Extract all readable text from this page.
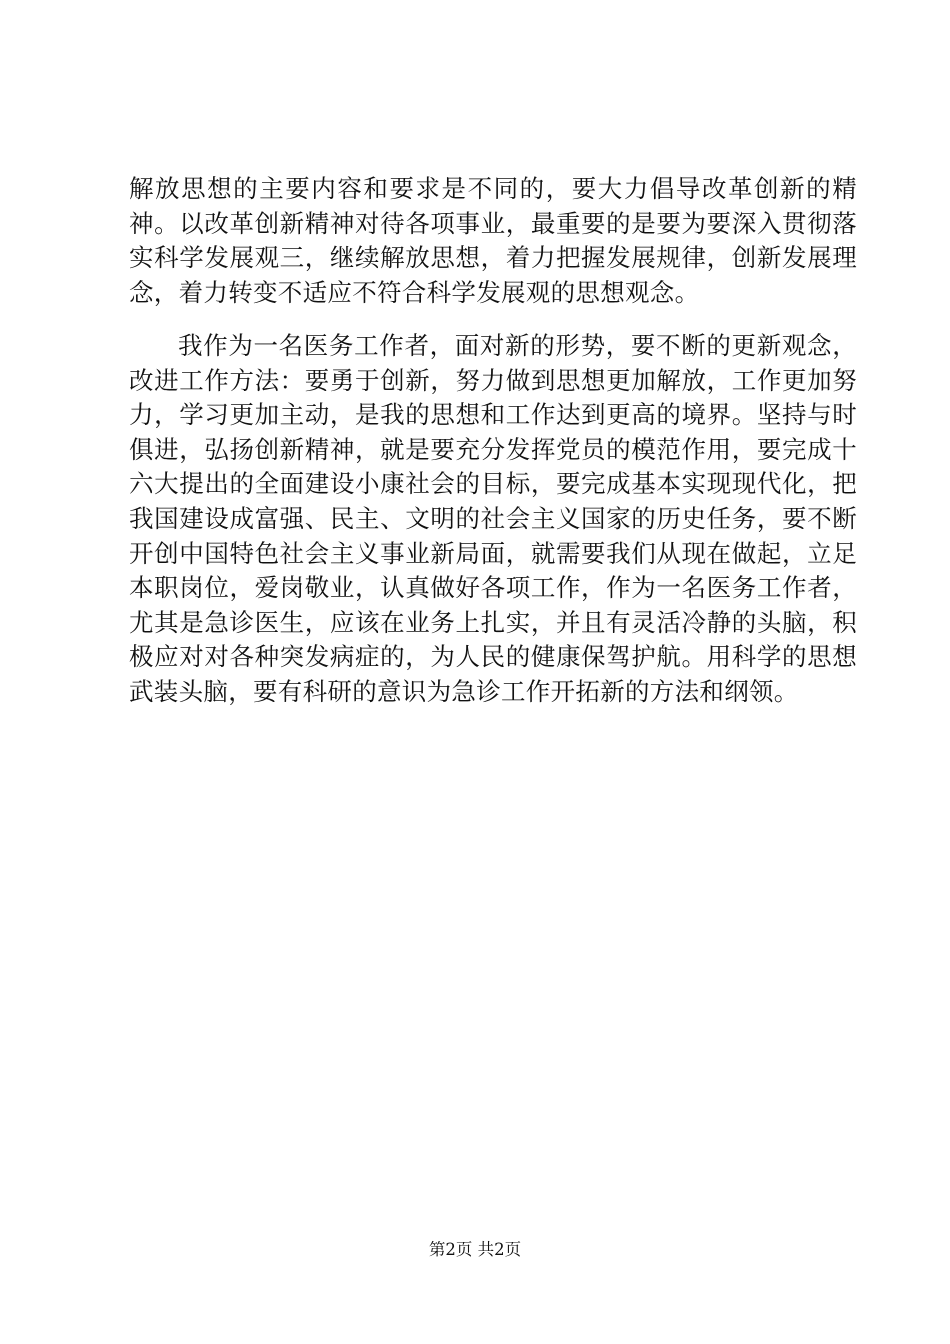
解放思想的主要内容和要求是不同的，要大力倡导改革创新的精神。以改革创新精神对待各项事业，最重要的是要为要深入贯彻落实科学发展观三，继续解放思想，着力把握发展规律，创新发展理念，着力转变不适应不符合科学发展观的思想观念。

我作为一名医务工作者，面对新的形势，要不断的更新观念，改进工作方法：要勇于创新，努力做到思想更加解放，工作更加努力，学习更加主动，是我的思想和工作达到更高的境界。坚持与时俱进，弘扬创新精神，就是要充分发挥党员的模范作用，要完成十六大提出的全面建设小康社会的目标，要完成基本实现现代化，把我国建设成富强、民主、文明的社会主义国家的历史任务，要不断开创中国特色社会主义事业新局面，就需要我们从现在做起，立足本职岗位，爱岗敬业，认真做好各项工作，作为一名医务工作者，尤其是急诊医生，应该在业务上扎实，并且有灵活冷静的头脑，积极应对对各种突发病症的，为人民的健康保驾护航。用科学的思想武装头脑，要有科研的意识为急诊工作开拓新的方法和纲领。

第2页 共2页
